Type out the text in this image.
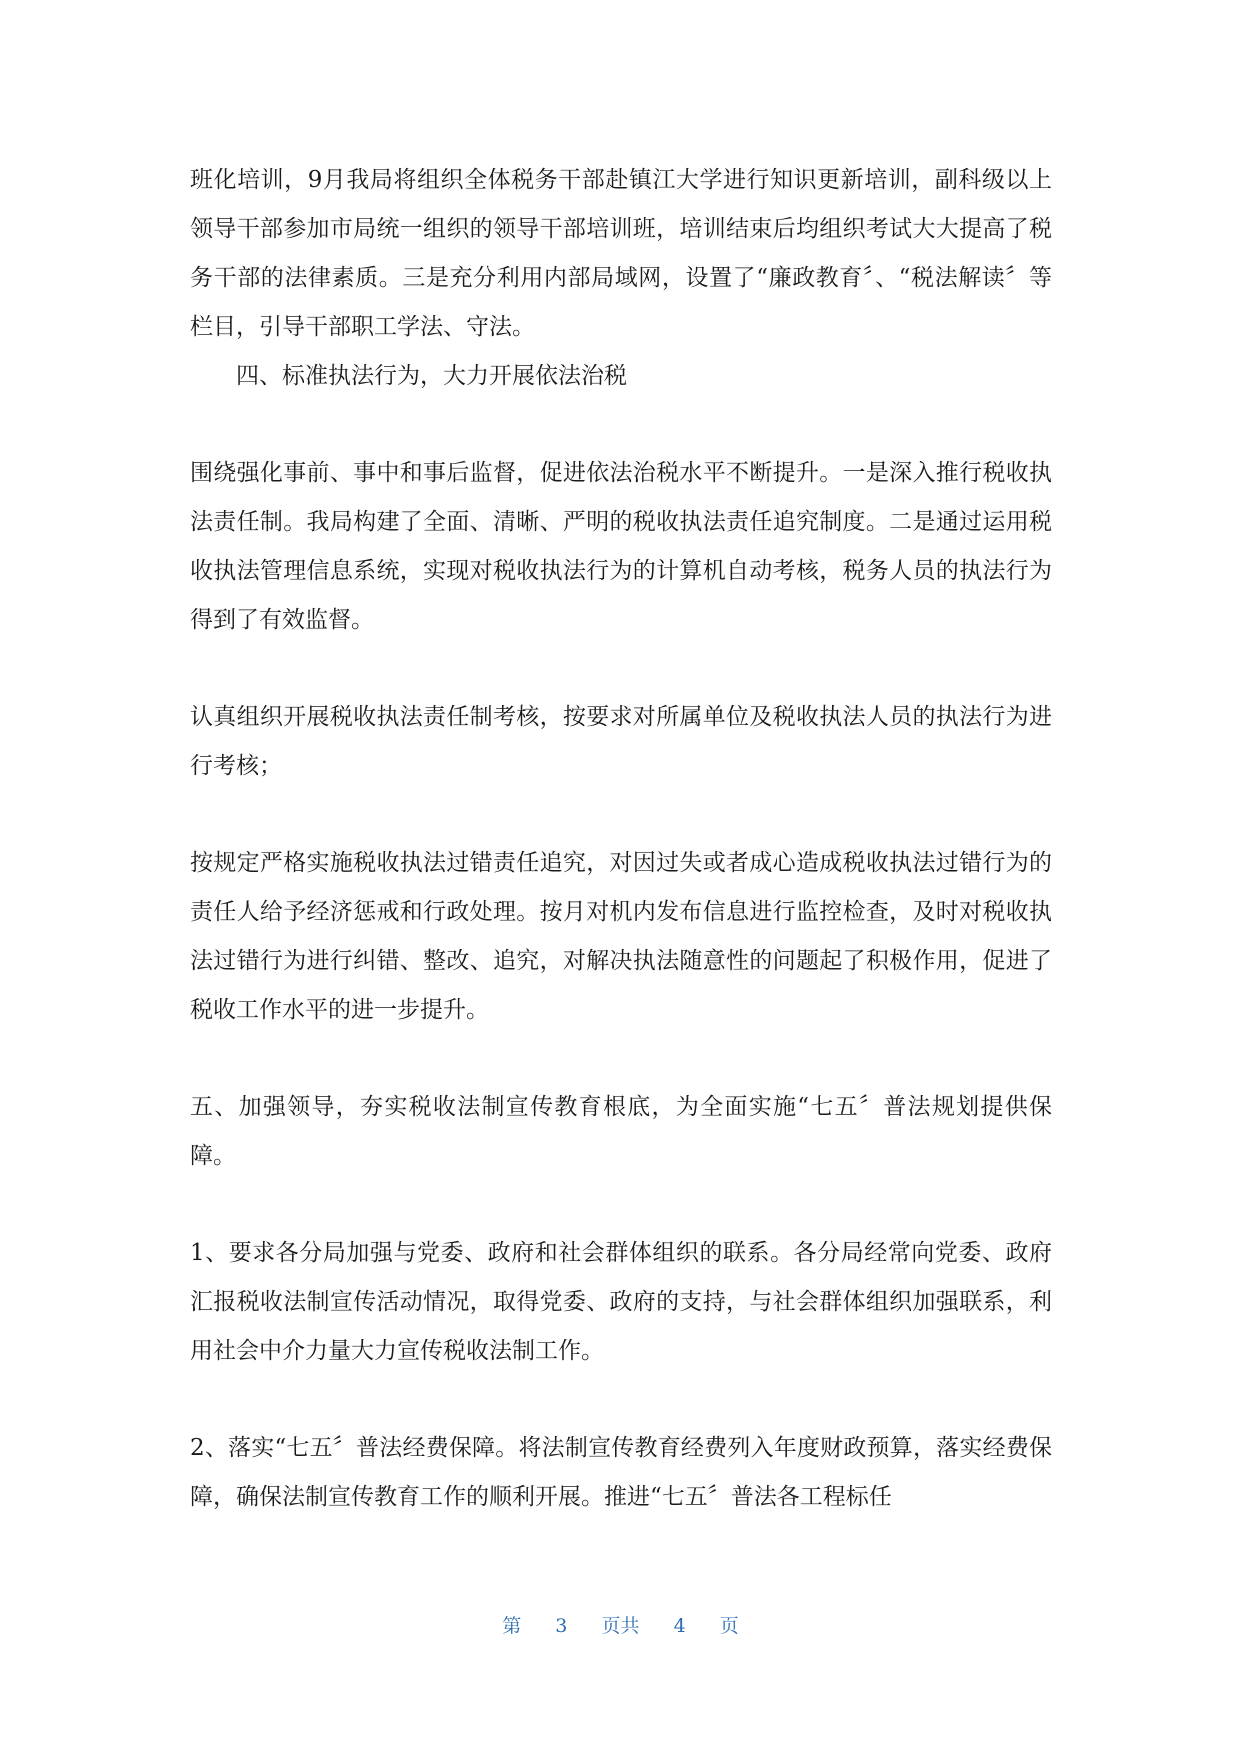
班化培训，9月我局将组织全体税务干部赴镇江大学进行知识更新培训，副科级以上领导干部参加市局统一组织的领导干部培训班，培训结束后均组织考试大大提高了税务干部的法律素质。三是充分利用内部局域网，设置了“廉政教育〞、“税法解读〞等栏目，引导干部职工学法、守法。

四、标准执法行为，大力开展依法治税

围绕强化事前、事中和事后监督，促进依法治税水平不断提升。一是深入推行税收执法责任制。我局构建了全面、清晰、严明的税收执法责任追究制度。二是通过运用税收执法管理信息系统，实现对税收执法行为的计算机自动考核，税务人员的执法行为得到了有效监督。

认真组织开展税收执法责任制考核，按要求对所属单位及税收执法人员的执法行为进行考核；

按规定严格实施税收执法过错责任追究，对因过失或者成心造成税收执法过错行为的责任人给予经济惩戒和行政处理。按月对机内发布信息进行监控检查，及时对税收执法过错行为进行纠错、整改、追究，对解决执法随意性的问题起了积极作用，促进了税收工作水平的进一步提升。

五、加强领导，夯实税收法制宣传教育根底，为全面实施“七五〞普法规划提供保障。

1、要求各分局加强与党委、政府和社会群体组织的联系。各分局经常向党委、政府汇报税收法制宣传活动情况，取得党委、政府的支持，与社会群体组织加强联系，利用社会中介力量大力宣传税收法制工作。

2、落实“七五〞普法经费保障。将法制宣传教育经费列入年度财政预算，落实经费保障，确保法制宣传教育工作的顺利开展。推进“七五〞普法各工程标任

第 3 页共 4 页
